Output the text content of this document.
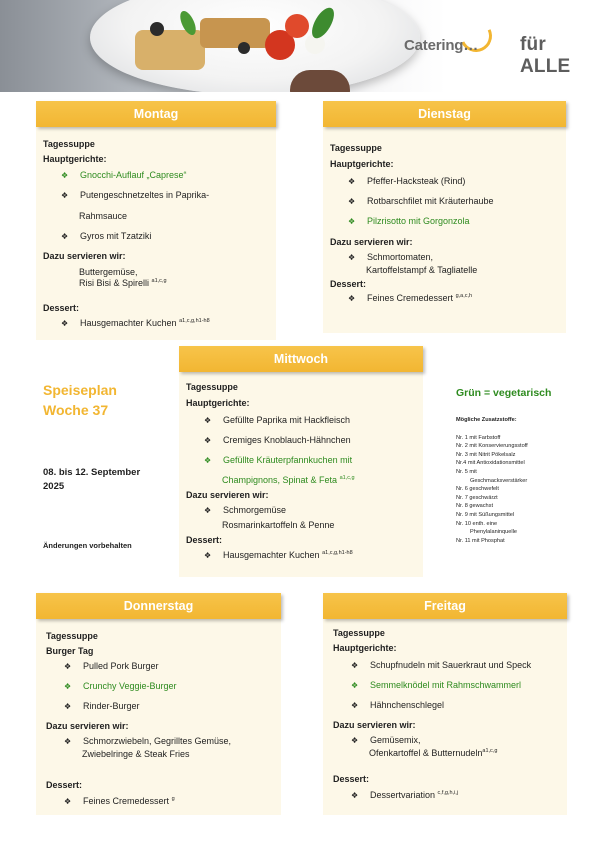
Catering… für ALLE
Montag
Tagessuppe
Hauptgerichte:
❖ Gnocchi-Auflauf „Caprese“
❖ Putengeschnetzeltes in Paprika-
Rahmsauce
❖ Gyros mit Tzatziki
Dazu servieren wir:
Buttergemüse,
Risi Bisi & Spirelli $^{a1,c,g}$
Dessert:
❖ Hausgemachter Kuchen $^{a1,c,g,h1-h8}$
Dienstag
Tagessuppe
Hauptgerichte:
❖ Pfeffer-Hacksteak (Rind)
❖ Rotbarschfilet mit Kräuterhaube
❖ Pilzrisotto mit Gorgonzola
Dazu servieren wir:
❖ Schmortomaten,
Kartoffelstampf & Tagliatelle
Dessert:
❖ Feines Cremedessert $^{g,a,c,h}$
Mittwoch
Tagessuppe
Hauptgerichte:
❖ Gefüllte Paprika mit Hackfleisch
❖ Cremiges Knoblauch-Hähnchen
❖ Gefüllte Kräuterpfannkuchen mit
Champignons, Spinat & Feta $^{a1,c,g}$
Dazu servieren wir:
❖ Schmorgemüse
Rosmarinkartoffeln & Penne
Dessert:
❖ Hausgemachter Kuchen $^{a1,c,g,h1-h8}$
Speiseplan
Woche 37
08. bis 12. September
2025
Änderungen vorbehalten
Grün = vegetarisch
Mögliche Zusatzstoffe:
Nr. 1 mit Farbstoff
Nr. 2 mit Konservierungsstoff
Nr. 3 mit Nitrit Pökelsalz
Nr.4 mit Antioxidationsmittel
Nr. 5 mit
Geschmacksverstärker
Nr. 6 geschwefelt
Nr. 7 geschwärzt
Nr. 8 gewachst
Nr. 9 mit Süßungsmittel
Nr. 10 enth. eine
Phenylalaninquelle
Nr. 11 mit Phosphat
Donnerstag
Tagessuppe
Burger Tag
❖ Pulled Pork Burger
❖ Crunchy Veggie-Burger
❖ Rinder-Burger
Dazu servieren wir:
❖ Schmorzwiebeln, Gegrilltes Gemüse,
Zwiebelringe & Steak Fries
Dessert:
❖ Feines Cremedessert $^g$
Freitag
Tagessuppe
Hauptgerichte:
❖ Schupfnudeln mit Sauerkraut und Speck
❖ Semmelknödel mit Rahmschwammerl
❖ Hähnchenschlegel
Dazu servieren wir:
❖ Gemüsemix,
Ofenkartoffel & Butternudeln$^{a1,c,g}$
Dessert:
❖ Dessertvariation $^{c,f,g,h,i,j}$
